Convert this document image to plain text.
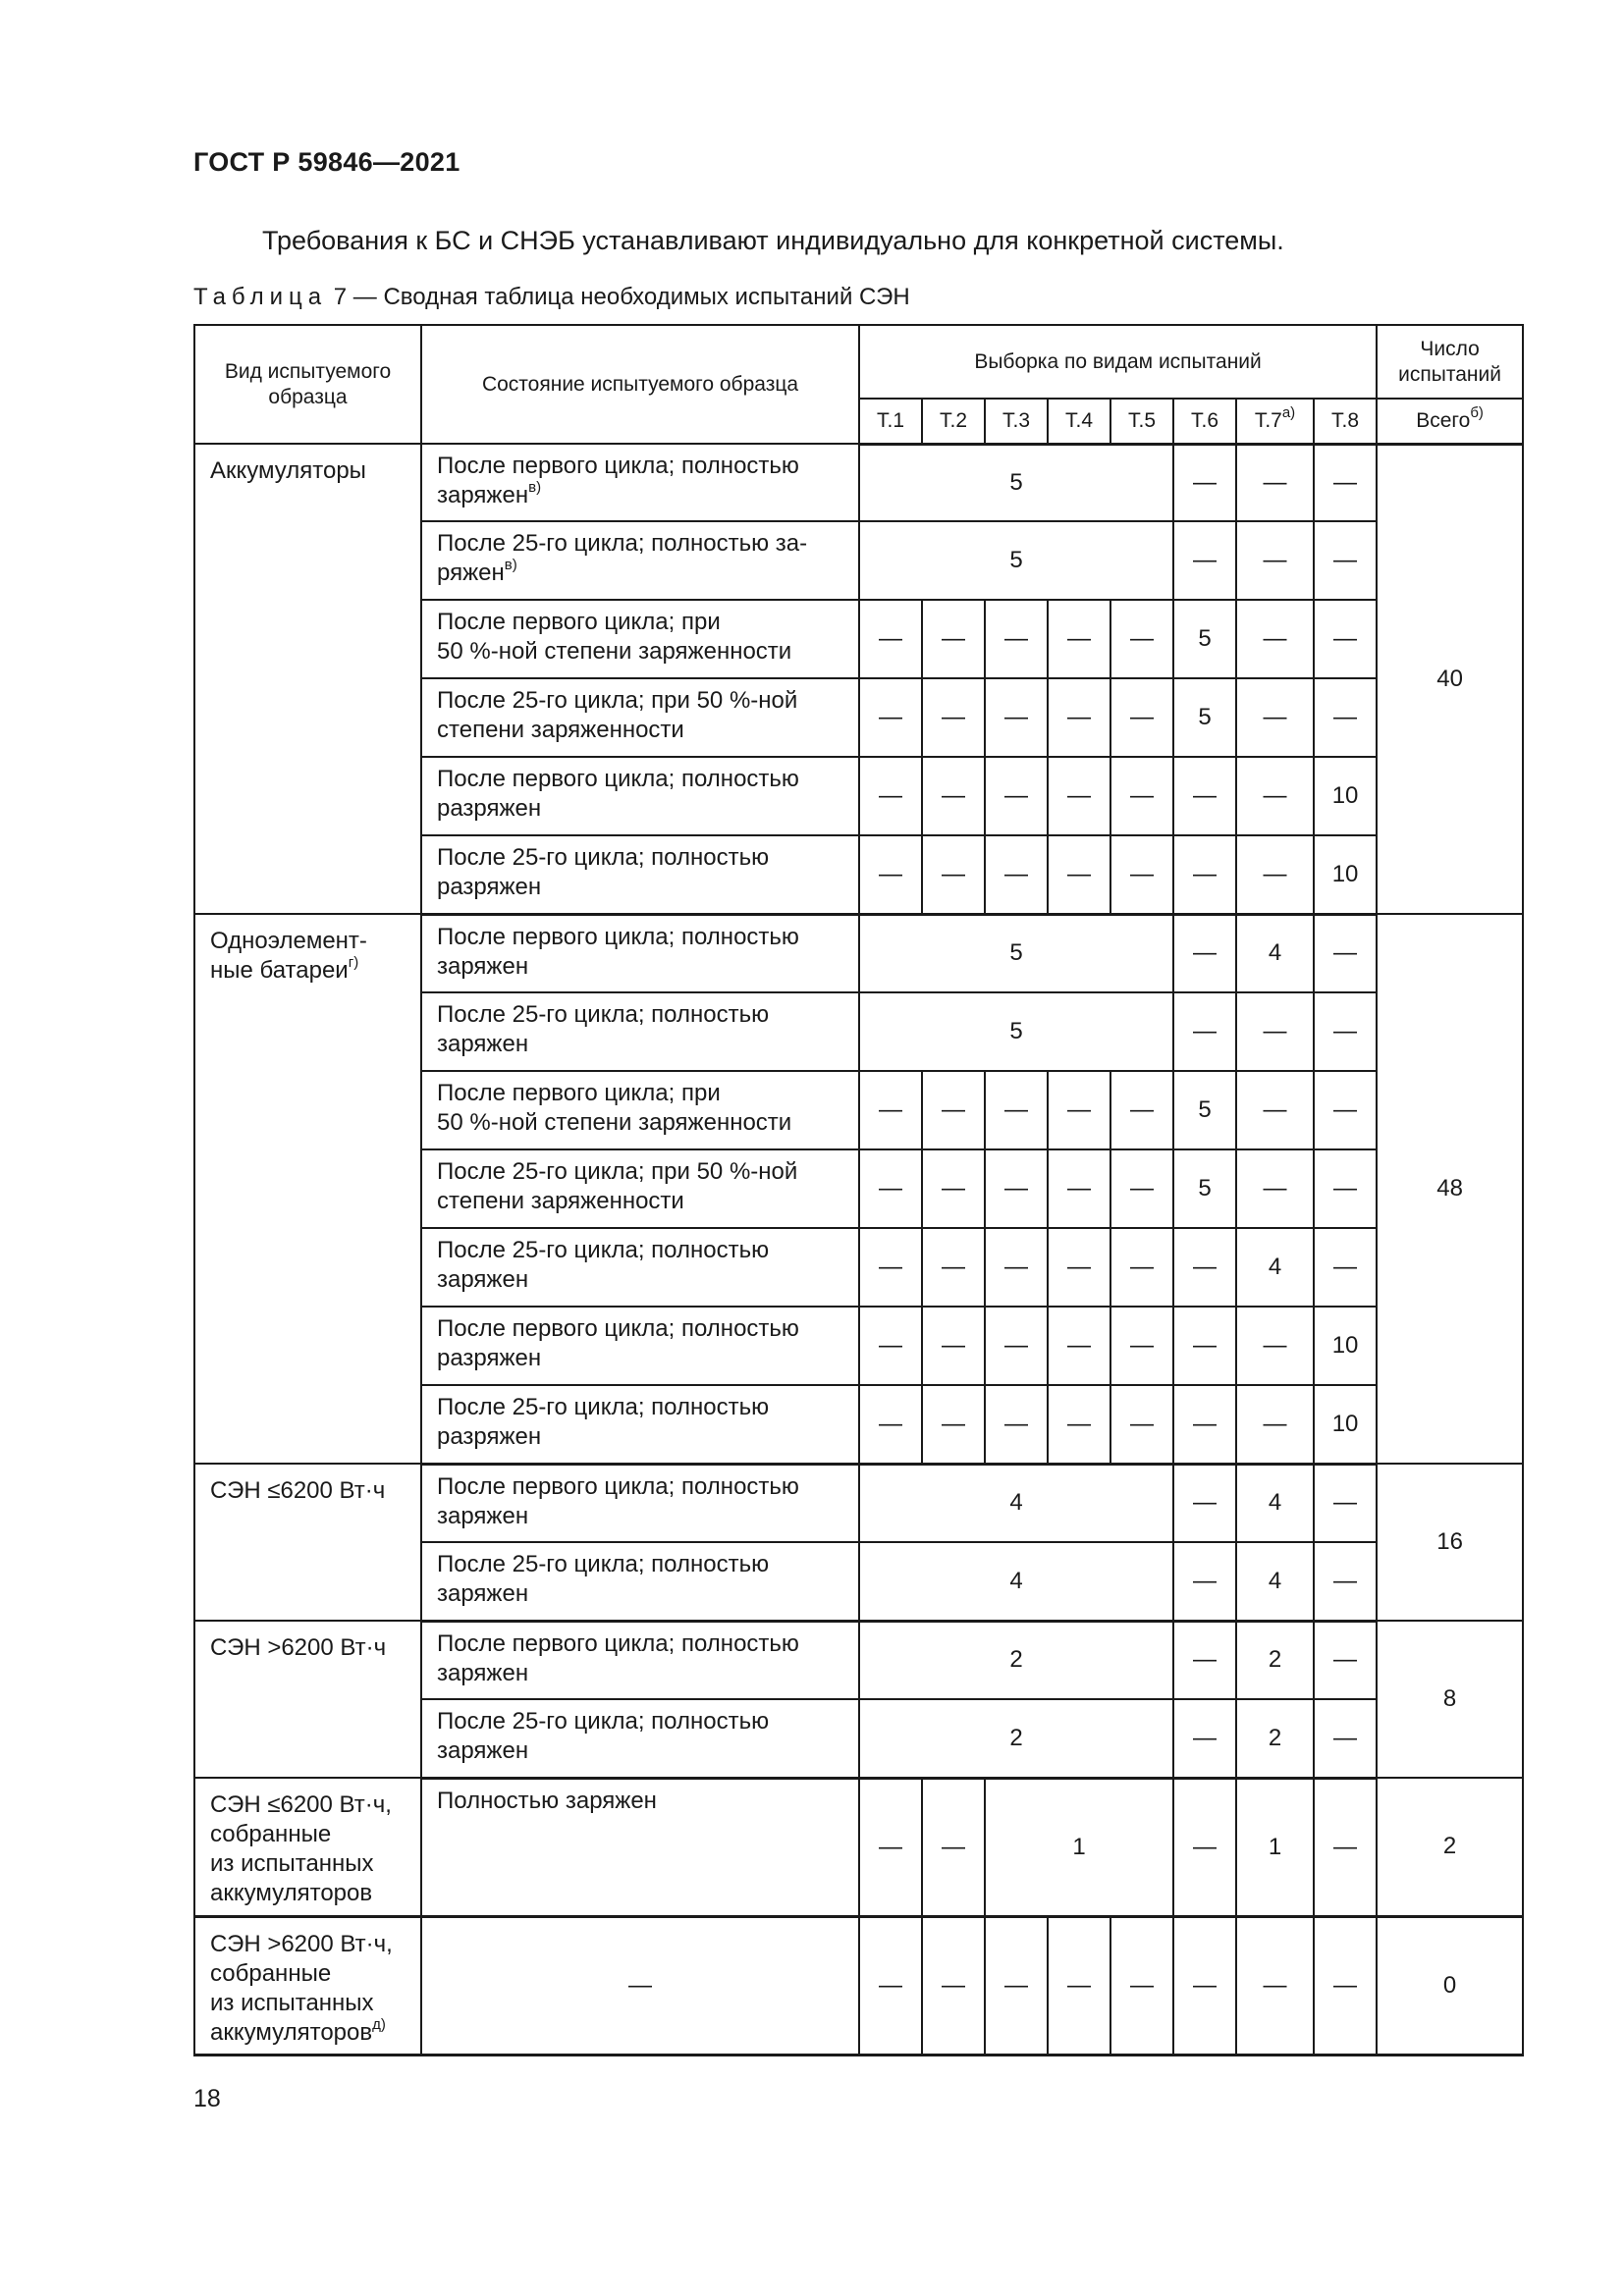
ГОСТ Р 59846—2021
Требования к БС и СНЭБ устанавливают индивидуально для конкретной системы.
Таблица 7 — Сводная таблица необходимых испытаний СЭН
Вид испытуемого образца	Состояние испытуемого образца	Выборка по видам испытаний								Число испытаний
		Т.1	Т.2	Т.3	Т.4	Т.5	Т.6	$Т.7^{а)}$	Т.8	Всего$^{б)}$
Аккумуляторы	После первого цикла; полностью
заряжен$^{в)}$	5					—	—	—	40
	После 25-го цикла; полностью за-
ряжен$^{в)}$	5					—	—	—	
	После первого цикла; при
50 %-ной степени заряженности	—	—	—	—	—	5	—	—	
	После 25-го цикла; при 50 %-ной
степени заряженности	—	—	—	—	—	5	—	—	
	После первого цикла; полностью
разряжен	—	—	—	—	—	—	—	10	
	После 25-го цикла; полностью
разряжен	—	—	—	—	—	—	—	10	
Одноэлемент-
ные батареи$^{г)}$	После первого цикла; полностью
заряжен	5					—	4	—	48
	После 25-го цикла; полностью
заряжен	5					—	—	—	
	После первого цикла; при
50 %-ной степени заряженности	—	—	—	—	—	5	—	—	
	После 25-го цикла; при 50 %-ной
степени заряженности	—	—	—	—	—	5	—	—	
	После 25-го цикла; полностью
заряжен	—	—	—	—	—	—	4	—	
	После первого цикла; полностью
разряжен	—	—	—	—	—	—	—	10	
	После 25-го цикла; полностью
разряжен	—	—	—	—	—	—	—	10	
СЭН ≤6200 Вт·ч	После первого цикла; полностью
заряжен	4					—	4	—	16
	После 25-го цикла; полностью
заряжен	4					—	4	—	
СЭН >6200 Вт·ч	После первого цикла; полностью
заряжен	2					—	2	—	8
	После 25-го цикла; полностью
заряжен	2					—	2	—	
СЭН ≤6200 Вт·ч,
собранные
из испытанных
аккумуляторов	Полностью заряжен	—	—	1			—	1	—	2
СЭН >6200 Вт·ч,
собранные
из испытанных
аккумуляторов$^{д)}$	—	—	—	—	—	—	—	—	—	0
18
